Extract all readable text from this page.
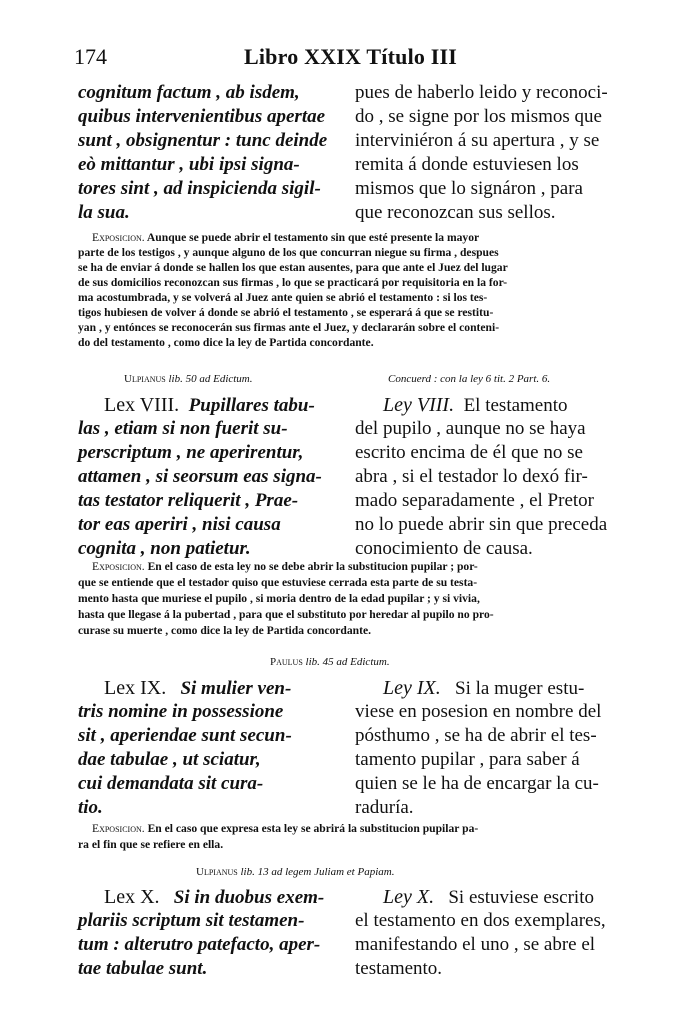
174	Libro XXIX Título III
cognitum factum , ab isdem,
quibus intervenientibus apertae
sunt , obsignentur : tunc deinde
eò mittantur , ubi ipsi signa-
tores sint , ad inspicienda sigil-
la sua.
pues de haberlo leido y reconoci-
do , se signe por los mismos que
interviniéron á su apertura , y se
remita á donde estuviesen los
mismos que lo signáron , para
que reconozcan sus sellos.
Exposicion. Aunque se puede abrir el testamento sin que esté presente la mayor
parte de los testigos , y aunque alguno de los que concurran niegue su firma , despues
se ha de enviar á donde se hallen los que estan ausentes, para que ante el Juez del lugar
de sus domicilios reconozcan sus firmas , lo que se practicará por requisitoria en la for-
ma acostumbrada, y se volverá al Juez ante quien se abrió el testamento : si los tes-
tigos hubiesen de volver á donde se abrió el testamento , se esperará á que se restitu-
yan , y entónces se reconocerán sus firmas ante el Juez, y declararán sobre el conteni-
do del testamento , como dice la ley de Partida concordante.
Ulpianus lib. 50 ad Edictum.	Concuerd : con la ley 6 tit. 2 Part. 6.
Lex VIII. Pupillares tabu-
las , etiam si non fuerit su-
perscriptum , ne aperirentur,
attamen , si seorsum eas signa-
tas testator reliquerit , Prae-
tor eas aperiri , nisi causa
cognita , non patietur.
Ley VIII. El testamento
del pupilo , aunque no se haya
escrito encima de él que no se
abra , si el testador lo dexó fir-
mado separadamente , el Pretor
no lo puede abrir sin que preceda
conocimiento de causa.
Exposicion. En el caso de esta ley no se debe abrir la substitucion pupilar ; por-
que se entiende que el testador quiso que estuviese cerrada esta parte de su testa-
mento hasta que muriese el pupilo , si moria dentro de la edad pupilar ; y si vivia,
hasta que llegase á la pubertad , para que el substituto por heredar al pupilo no pro-
curase su muerte , como dice la ley de Partida concordante.
Paulus lib. 45 ad Edictum.
Lex IX. Si mulier ven-
tris nomine in possessione
sit , aperiendae sunt secun-
dae tabulae , ut sciatur,
cui demandata sit cura-
tio.
Ley IX. Si la muger estu-
viese en posesion en nombre del
pósthumo , se ha de abrir el tes-
tamento pupilar , para saber á
quien se le ha de encargar la cu-
raduría.
Exposicion. En el caso que expresa esta ley se abrirá la substitucion pupilar pa-
ra el fin que se refiere en ella.
Ulpianus lib. 13 ad legem Juliam et Papiam.
Lex X. Si in duobus exem-
plariis scriptum sit testamen-
tum : alterutro patefacto, aper-
tae tabulae sunt.
Ley X. Si estuviese escrito
el testamento en dos exemplares,
manifestando el uno , se abre el
testamento.
